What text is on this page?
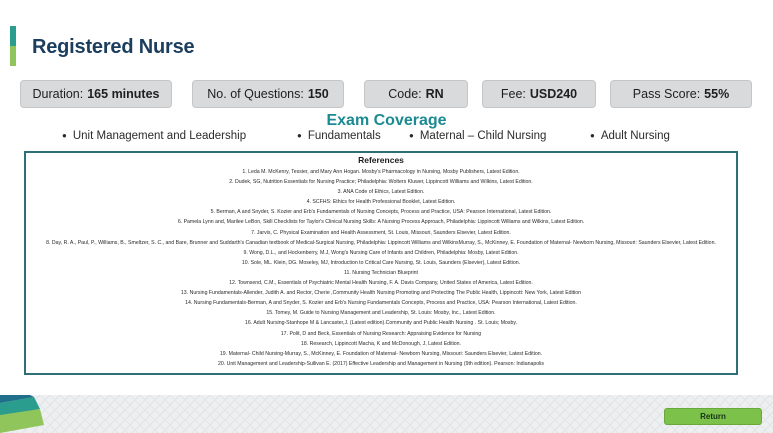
Registered Nurse
Duration: 165 minutes	No. of Questions: 150	Code: RN	Fee: USD240	Pass Score: 55%
Exam Coverage
● Unit Management and Leadership	● Fundamentals	● Maternal – Child Nursing	● Adult Nursing
References
1. Leda M. McKenry, Tessier, and Mary Ann Hogan. Mosby's Pharmacology in Nursing, Mosby Publishers, Latest Edition.
2. Dudek, SG, Nutrition Essentials for Nursing Practice; Philadelphia: Wolters Kluwer, Lippincott Williams and Wilkins, Latest Edition.
3. ANA Code of Ethics, Latest Edition.
4. SCFHS: Ethics for Health Professional Booklet, Latest Edition.
5. Berman, A and Snyder, S. Kozier and Erb's Fundamentals of Nursing Concepts, Process and Practice, USA: Pearson International, Latest Edition.
6. Pamela Lynn and, Marilee LeBon, Skill Checklists for Taylor's Clinical Nursing Skills: A Nursing Process Approach, Philadelphia: Lippincott Williams and Wilkins, Latest Edition.
7. Jarvis, C. Physical Examination and Health Assessment, St. Louis, Missouri, Saunders Elsevier, Latest Edition.
8. Day, R. A., Paul, P., Williams, B., Smeltzer, S. C., and Bare, Brunner and Suddarth's Canadian textbook of Medical-Surgical Nursing, Philadelphia: Lippincott Williams and WilkinsMurray, S., McKinney, E. Foundation of Maternal- Newborn Nursing, Missouri: Saunders Elsevier, Latest Edition.
9. Wong, D.L., and Hockenberry, M.J, Wong's Nursing Care of Infants and Children, Philadelphia: Mosby, Latest Edition.
10. Sole, ML. Klein, DG. Moseley, MJ, Introduction to Critical Care Nursing, St. Louis, Saunders (Elsevier), Latest Edition.
11. Nursing Technician Blueprint
12. Townsend, C.M., Essentials of Psychiatric Mental Health Nursing, F. A. Davis Company, United States of America, Latest Edition.
13. Nursing Fundamentals-Allender, Judith A. and Rector, Cherie ,Community Health Nursing Promoting and Protecting The Public Health, Lippincott: New York, Latest Edition
14. Nursing Fundamentals-Berman, A and Snyder, S. Kozier and Erb's Nursing Fundamentals Concepts, Process and Practice, USA: Pearson International, Latest Edition.
15. Tomey, M. Guide to Nursing Management and Leadership, St. Louis: Mosby, Inc., Latest Edition.
16. Adult Nursing-Stanhope M & Lancaster,J. (Latest edition).Community and Public Health Nursing . St. Louis; Mosby.
17. Polit, D and Beck, Essentials of Nursing Research: Appraising Evidence for Nursing
18. Research, Lippincott Macha, K and McDonough, J, Latest Edition.
19. Maternal- Child Nursing-Murray, S., McKinney, E. Foundation of Maternal- Newborn Nursing, Missouri: Saunders Elsevier, Latest Edition.
20. Unit Management and Leadership-Sullivan E. (2017) Effective Leadership and Management in Nursing (9th edition). Pearson: Indianapolis
Return
